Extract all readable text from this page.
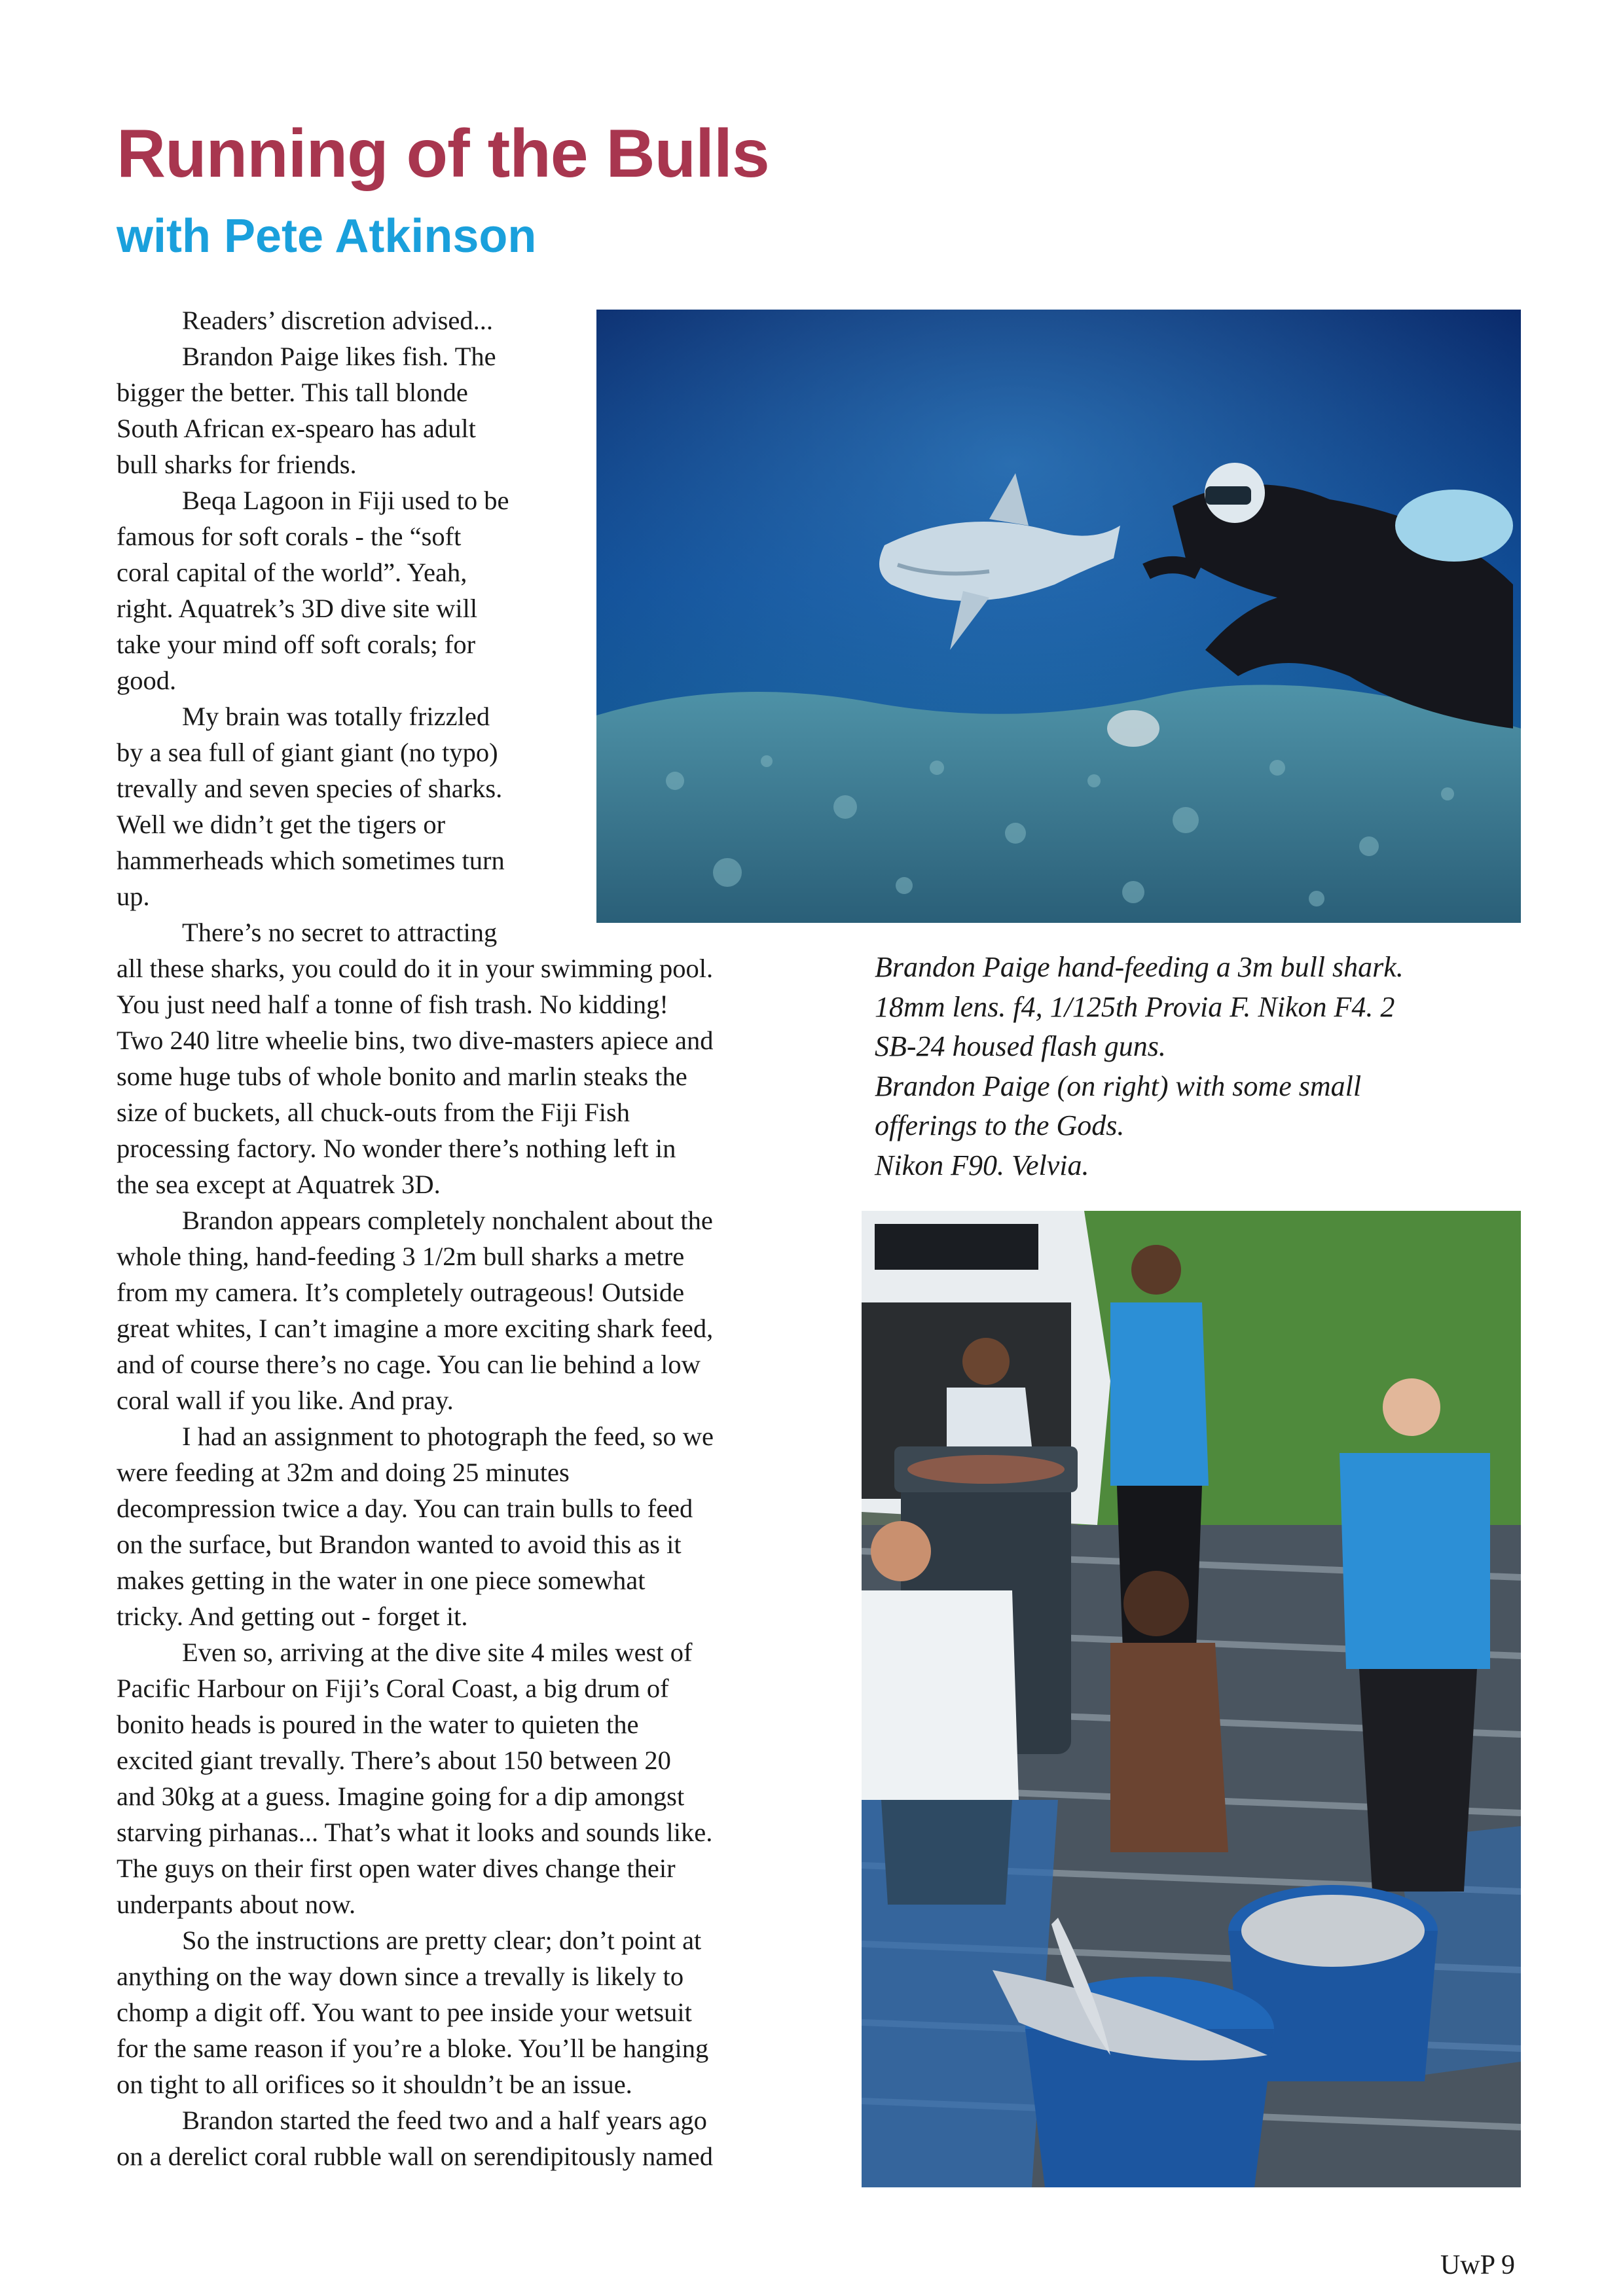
Running of the Bulls
with Pete Atkinson
Readers’ discretion advised...
Brandon Paige likes fish. The
bigger the better. This tall blonde
South African ex-spearo has adult
bull sharks for friends.
Beqa Lagoon in Fiji used to be
famous for soft corals - the “soft
coral capital of the world”. Yeah,
right. Aquatrek’s 3D dive site will
take your mind off soft corals; for
good.
My brain was totally frizzled
by a sea full of giant giant (no typo)
trevally and seven species of sharks.
Well we didn’t get the tigers or
hammerheads which sometimes turn
up.
There’s no secret to attracting
all these sharks, you could do it in your swimming pool.
You just need half a tonne of fish trash. No kidding!
Two 240 litre wheelie bins, two dive-masters apiece and
some huge tubs of whole bonito and marlin steaks the
size of buckets, all chuck-outs from the Fiji Fish
processing factory. No wonder there’s nothing left in
the sea except at Aquatrek 3D.
Brandon appears completely nonchalent about the
whole thing, hand-feeding 3 1/2m bull sharks a metre
from my camera. It’s completely outrageous! Outside
great whites, I can’t imagine a more exciting shark feed,
and of course there’s no cage. You can lie behind a low
coral wall if you like. And pray.
I had an assignment to photograph the feed, so we
were feeding at 32m and doing 25 minutes
decompression twice a day. You can train bulls to feed
on the surface, but Brandon wanted to avoid this as it
makes getting in the water in one piece somewhat
tricky. And getting out - forget it.
Even so, arriving at the dive site 4 miles west of
Pacific Harbour on Fiji’s Coral Coast, a big drum of
bonito heads is poured in the water to quieten the
excited giant trevally. There’s about 150 between 20
and 30kg at a guess. Imagine going for a dip amongst
starving pirhanas... That’s what it looks and sounds like.
The guys on their first open water dives change their
underpants about now.
So the instructions are pretty clear; don’t point at
anything on the way down since a trevally is likely to
chomp a digit off. You want to pee inside your wetsuit
for the same reason if you’re a bloke. You’ll be hanging
on tight to all orifices so it shouldn’t be an issue.
Brandon started the feed two and a half years ago
on a derelict coral rubble wall on serendipitously named
Brandon Paige hand-feeding a 3m bull shark.
18mm lens. f4, 1/125th Provia F. Nikon F4. 2
SB-24 housed flash guns.
Brandon Paige (on right) with some small
offerings to the Gods.
Nikon F90. Velvia.
UwP 9
